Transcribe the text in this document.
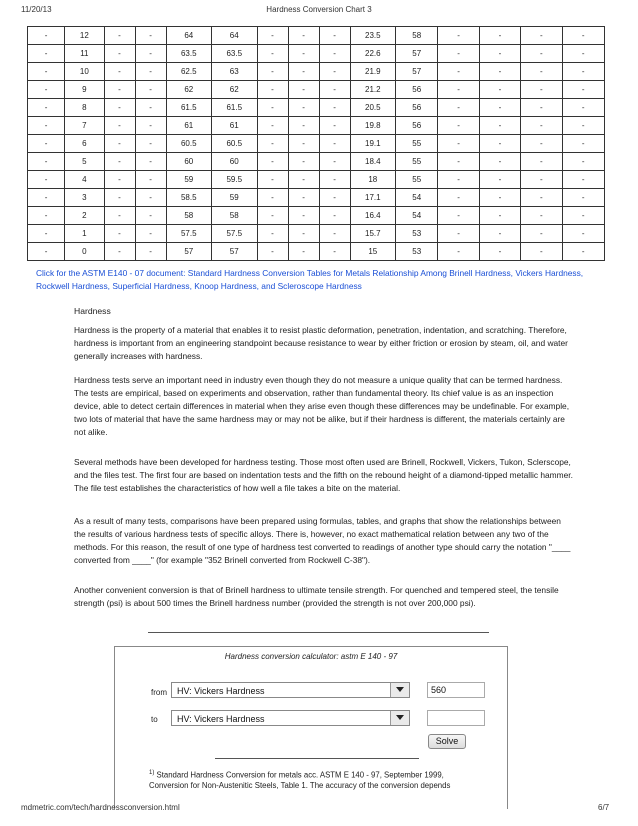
11/20/13	Hardness Conversion Chart 3
-	12	-	-	64	64	-	-	-	23.5	58	-	-	-	-
-	11	-	-	63.5	63.5	-	-	-	22.6	57	-	-	-	-
-	10	-	-	62.5	63	-	-	-	21.9	57	-	-	-	-
-	9	-	-	62	62	-	-	-	21.2	56	-	-	-	-
-	8	-	-	61.5	61.5	-	-	-	20.5	56	-	-	-	-
-	7	-	-	61	61	-	-	-	19.8	56	-	-	-	-
-	6	-	-	60.5	60.5	-	-	-	19.1	55	-	-	-	-
-	5	-	-	60	60	-	-	-	18.4	55	-	-	-	-
-	4	-	-	59	59.5	-	-	-	18	55	-	-	-	-
-	3	-	-	58.5	59	-	-	-	17.1	54	-	-	-	-
-	2	-	-	58	58	-	-	-	16.4	54	-	-	-	-
-	1	-	-	57.5	57.5	-	-	-	15.7	53	-	-	-	-
-	0	-	-	57	57	-	-	-	15	53	-	-	-	-
Click for the ASTM E140 - 07 document: Standard Hardness Conversion Tables for Metals Relationship Among Brinell Hardness, Vickers Hardness, Rockwell Hardness, Superficial Hardness, Knoop Hardness, and Scleroscope Hardness
Hardness
Hardness is the property of a material that enables it to resist plastic deformation, penetration, indentation, and scratching. Therefore, hardness is important from an engineering standpoint because resistance to wear by either friction or erosion by steam, oil, and water generally increases with hardness.
Hardness tests serve an important need in industry even though they do not measure a unique quality that can be termed hardness. The tests are empirical, based on experiments and observation, rather than fundamental theory. Its chief value is as an inspection device, able to detect certain differences in material when they arise even though these differences may be undefinable. For example, two lots of material that have the same hardness may or may not be alike, but if their hardness is different, the materials certainly are not alike.
Several methods have been developed for hardness testing. Those most often used are Brinell, Rockwell, Vickers, Tukon, Sclerscope, and the files test. The first four are based on indentation tests and the fifth on the rebound height of a diamond-tipped metallic hammer. The file test establishes the characteristics of how well a file takes a bite on the material.
As a result of many tests, comparisons have been prepared using formulas, tables, and graphs that show the relationships between the results of various hardness tests of specific alloys. There is, however, no exact mathematical relation between any two of the methods. For this reason, the result of one type of hardness test converted to readings of another type should carry the notation "____ converted from ____" (for example "352 Brinell converted from Rockwell C-38").
Another convenient conversion is that of Brinell hardness to ultimate tensile strength. For quenched and tempered steel, the tensile strength (psi) is about 500 times the Brinell hardness number (provided the strength is not over 200,000 psi).
Hardness conversion calculator: astm E 140 - 97
from	HV: Vickers Hardness	560
to	HV: Vickers Hardness
Solve
$^{1)}$ Standard Hardness Conversion for metals acc. ASTM E 140 - 97, September 1999,
Conversion for Non-Austenitic Steels, Table 1. The accuracy of the conversion depends
mdmetric.com/tech/hardnessconversion.html	6/7
